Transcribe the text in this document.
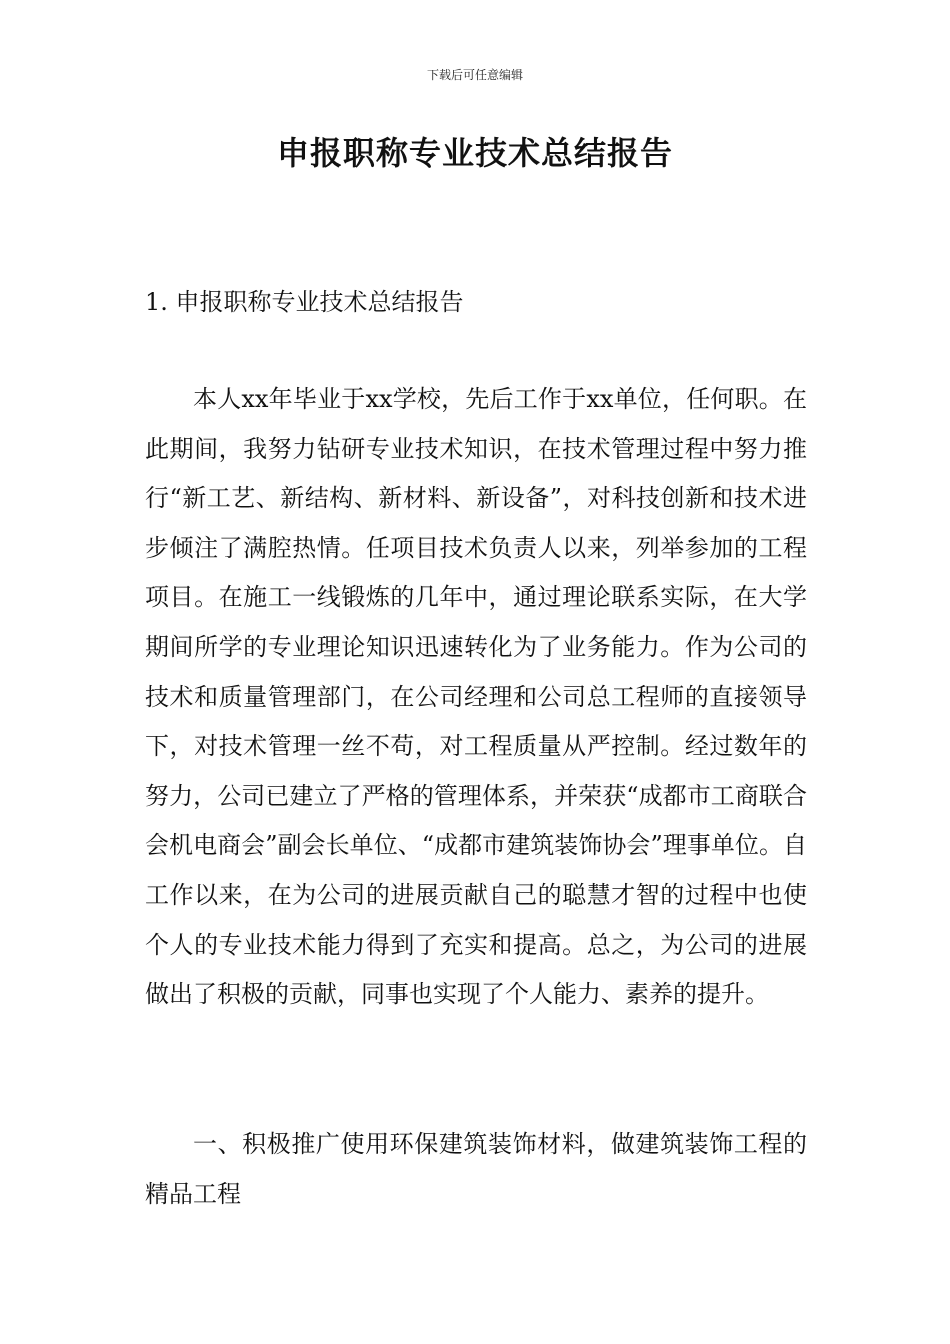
下载后可任意编辑
申报职称专业技术总结报告
1. 申报职称专业技术总结报告

本人xx年毕业于xx学校，先后工作于xx单位，任何职。在此期间，我努力钻研专业技术知识，在技术管理过程中努力推行“新工艺、新结构、新材料、新设备”，对科技创新和技术进步倾注了满腔热情。任项目技术负责人以来，列举参加的工程项目。在施工一线锻炼的几年中，通过理论联系实际，在大学期间所学的专业理论知识迅速转化为了业务能力。作为公司的技术和质量管理部门，在公司经理和公司总工程师的直接领导下，对技术管理一丝不苟，对工程质量从严控制。经过数年的努力，公司已建立了严格的管理体系，并荣获“成都市工商联合会机电商会”副会长单位、“成都市建筑装饰协会”理事单位。自工作以来，在为公司的进展贡献自己的聪慧才智的过程中也使个人的专业技术能力得到了充实和提高。总之，为公司的进展做出了积极的贡献，同事也实现了个人能力、素养的提升。

一、积极推广使用环保建筑装饰材料，做建筑装饰工程的精品工程
